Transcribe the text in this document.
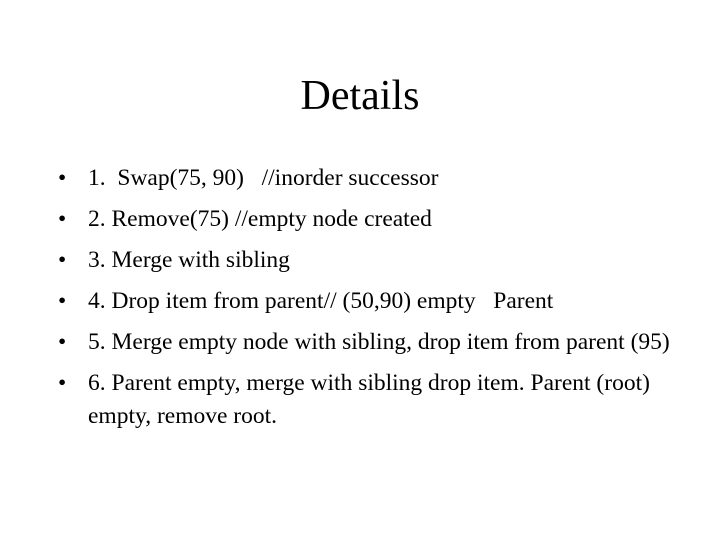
Details
• 1.  Swap(75, 90)   //inorder successor
• 2. Remove(75) //empty node created
• 3. Merge with sibling
• 4. Drop item from parent// (50,90) empty   Parent
• 5. Merge empty node with sibling, drop item from parent (95)
• 6. Parent empty, merge with sibling drop item. Parent (root) empty, remove root.
